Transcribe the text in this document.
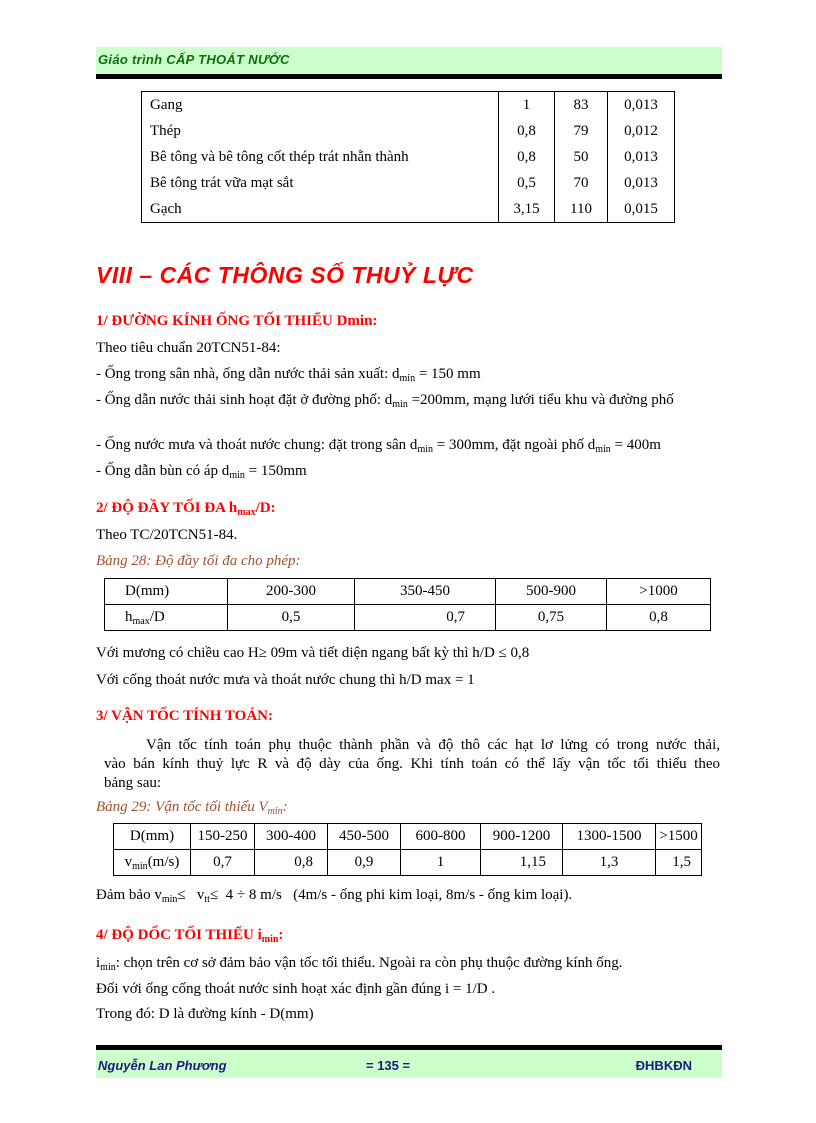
Giáo trình CẤP THOÁT NƯỚC
Gang	1	83	0,013
Thép	0,8	79	0,012
Bê tông và bê tông cốt thép trát nhẵn thành	0,8	50	0,013
Bê tông trát vữa mạt sắt	0,5	70	0,013
Gạch	3,15	110	0,015
VIII – CÁC THÔNG SỐ THUỶ LỰC
1/ ĐƯỜNG KÍNH ỐNG TỐI THIỂU Dmin:
Theo tiêu chuẩn 20TCN51-84:
- Ống trong sân nhà, ống dẫn nước thải sản xuất: $d_{min} = 150$ mm
- Ống dẫn nước thải sinh hoạt đặt ở đường phố: $d_{min} =200mm$, mạng lưới tiểu khu và đường phố
- Ống nước mưa và thoát nước chung: đặt trong sân $d_{min} = 300mm$, đặt ngoài phố $d_{min} = 400m$
- Ống dẫn bùn có áp $d_{min} = 150mm$
2/ ĐỘ ĐẦY TỐI ĐA $h_{max}/D$:
Theo TC/20TCN51-84.
Bảng 28: Độ đầy tối đa cho phép:
D(mm)	200-300	350-450	500-900	>1000
$h_{max}/D$	0,5	0,7	0,75	0,8
Với mương có chiều cao H≥ 09m và tiết diện ngang bất kỳ thì h/D ≤ 0,8
Với cống thoát nước mưa và thoát nước chung thì h/D max = 1
3/ VẬN TỐC TÍNH TOÁN:
Vận tốc tính toán phụ thuộc thành phần và độ thô các hạt lơ lửng có trong nước thải,
vào bán kính thuỷ lực R và độ dày của ống. Khi tính toán có thể lấy vận tốc tối thiểu theo
bảng sau:
Bảng 29: Vận tốc tối thiểu $V_{min}$:
D(mm)	150-250	300-400	450-500	600-800	900-1200	1300-1500	>1500
$v_{min}(m/s)$	0,7	0,8	0,9	1	1,15	1,3	1,5
Đảm bảo $v_{min}\le v_{tt}\le 4 \div 8$ m/s   (4m/s - ống phi kim loại, 8m/s - ống kim loại).
4/ ĐỘ DỐC TỐI THIỂU $i_{min}$:
$i_{min}$: chọn trên cơ sở đảm bảo vận tốc tối thiểu. Ngoài ra còn phụ thuộc đường kính ống.
Đối với ống cống thoát nước sinh hoạt xác định gần đúng i = 1/D .
Trong đó: D là đường kính - D(mm)
Nguyễn Lan Phương	= 135 =	ĐHBKĐN
